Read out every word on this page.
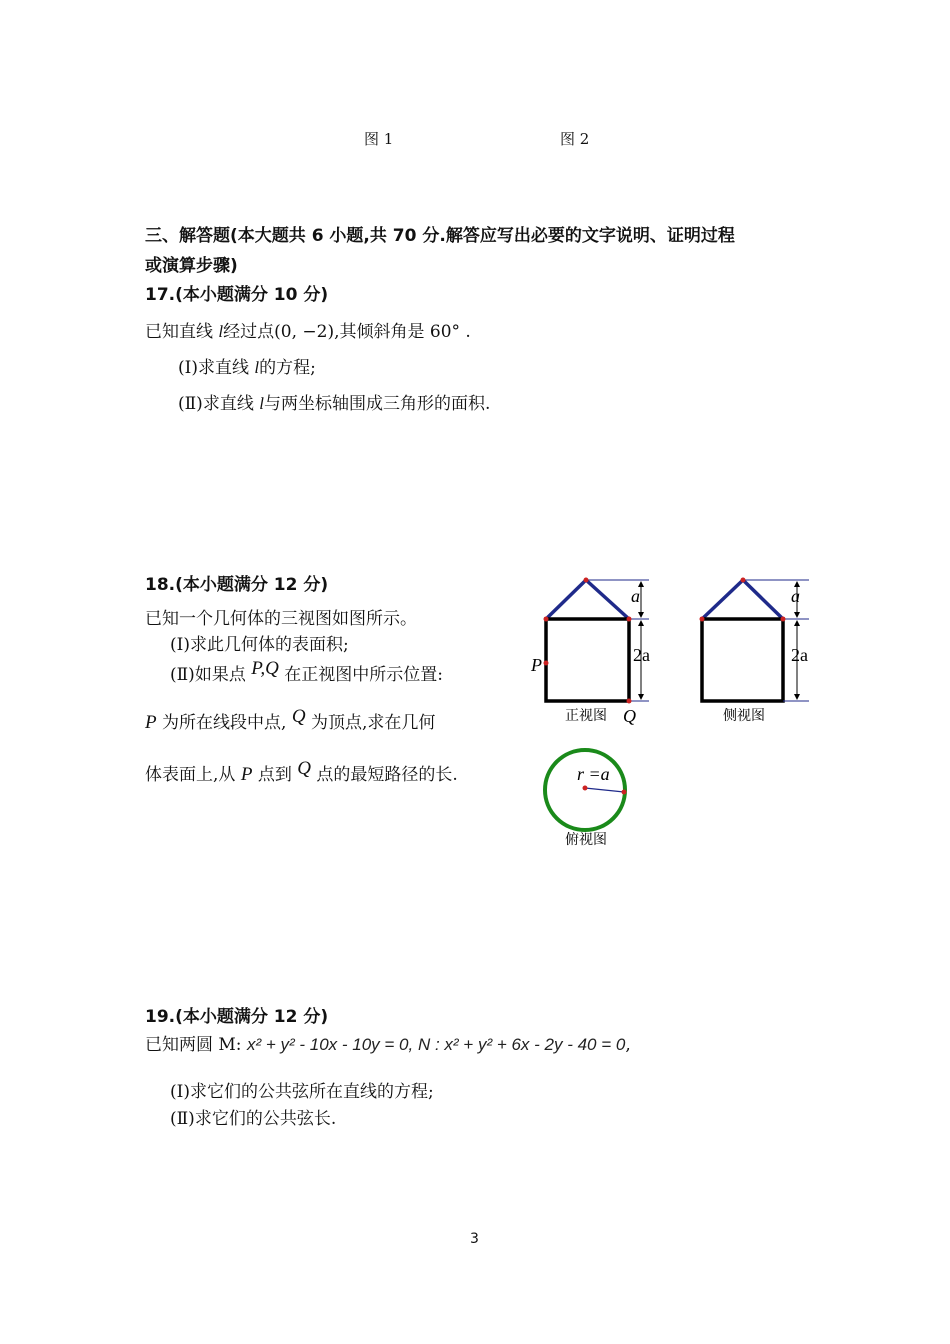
图 1	图 2
三、解答题(本大题共 6 小题,共 70 分.解答应写出必要的文字说明、证明过程
或演算步骤)
17.(本小题满分 10 分)
已知直线 l经过点(0, −2),其倾斜角是 60° .
(Ⅰ)求直线 l的方程;
(Ⅱ)求直线 l与两坐标轴围成三角形的面积.
18.(本小题满分 12 分)
已知一个几何体的三视图如图所示。
(Ⅰ)求此几何体的表面积;
(Ⅱ)如果点 P,Q 在正视图中所示位置:
P 为所在线段中点, Q 为顶点,求在几何
体表面上,从 P 点到 Q 点的最短路径的长.
a
2a
P
Q
正视图
a
2a
侧视图
r =a
俯视图
19.(本小题满分 12 分)
已知两圆 M: x² + y² - 10x - 10y = 0, N : x² + y² + 6x - 2y - 40 = 0,
(Ⅰ)求它们的公共弦所在直线的方程;
(Ⅱ)求它们的公共弦长.
3
